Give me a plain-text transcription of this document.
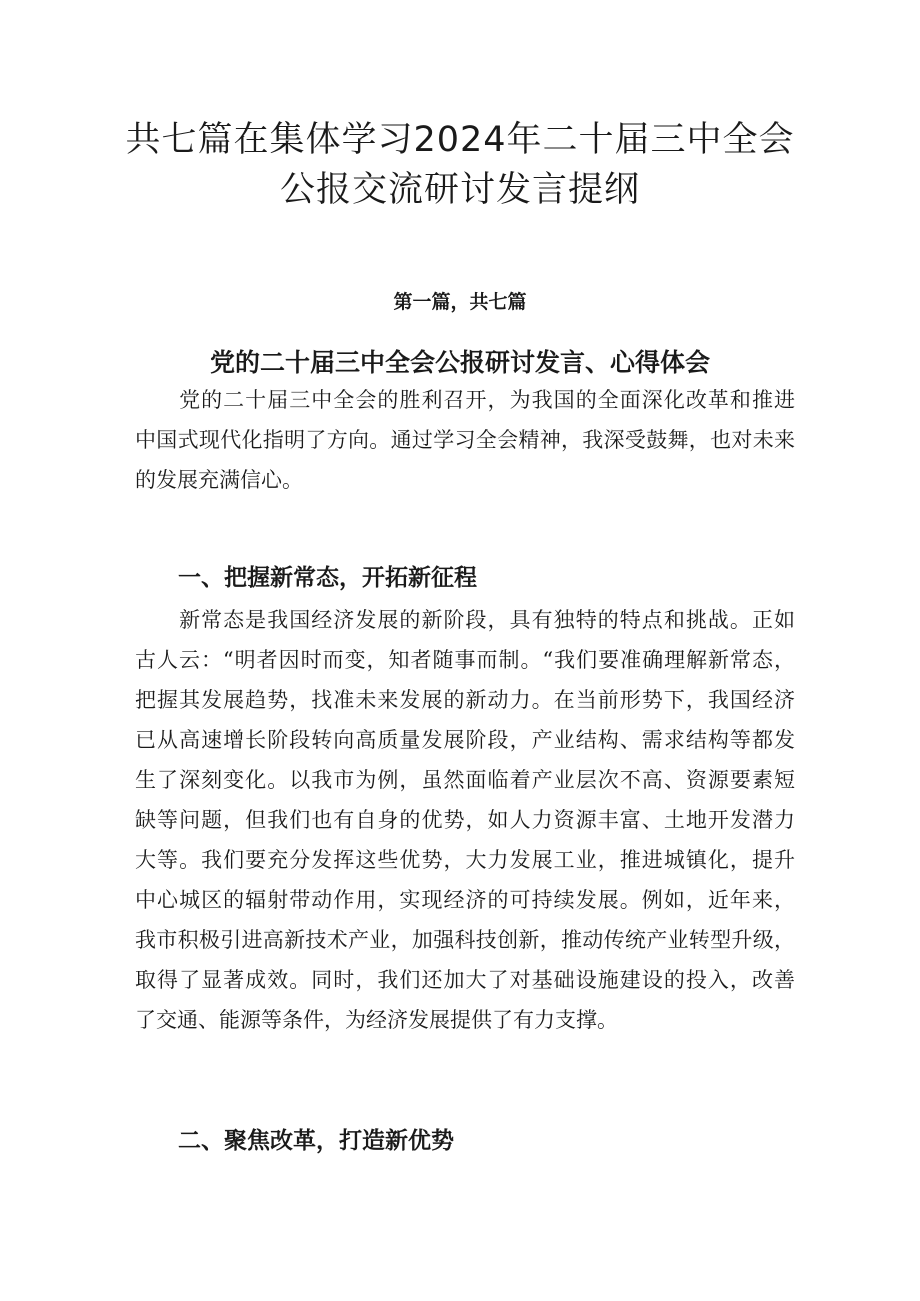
共七篇在集体学习2024年二十届三中全会
公报交流研讨发言提纲

第一篇，共七篇

党的二十届三中全会公报研讨发言、心得体会
　　党的二十届三中全会的胜利召开，为我国的全面深化改革和推进
中国式现代化指明了方向。通过学习全会精神，我深受鼓舞，也对未来
的发展充满信心。
一、把握新常态，开拓新征程
　　新常态是我国经济发展的新阶段，具有独特的特点和挑战。正如
古人云：“明者因时而变，知者随事而制。“我们要准确理解新常态，
把握其发展趋势，找准未来发展的新动力。在当前形势下，我国经济
已从高速增长阶段转向高质量发展阶段，产业结构、需求结构等都发
生了深刻变化。以我市为例，虽然面临着产业层次不高、资源要素短
缺等问题，但我们也有自身的优势，如人力资源丰富、土地开发潜力
大等。我们要充分发挥这些优势，大力发展工业，推进城镇化，提升
中心城区的辐射带动作用，实现经济的可持续发展。例如，近年来，
我市积极引进高新技术产业，加强科技创新，推动传统产业转型升级，
取得了显著成效。同时，我们还加大了对基础设施建设的投入，改善
了交通、能源等条件，为经济发展提供了有力支撑。
二、聚焦改革，打造新优势
